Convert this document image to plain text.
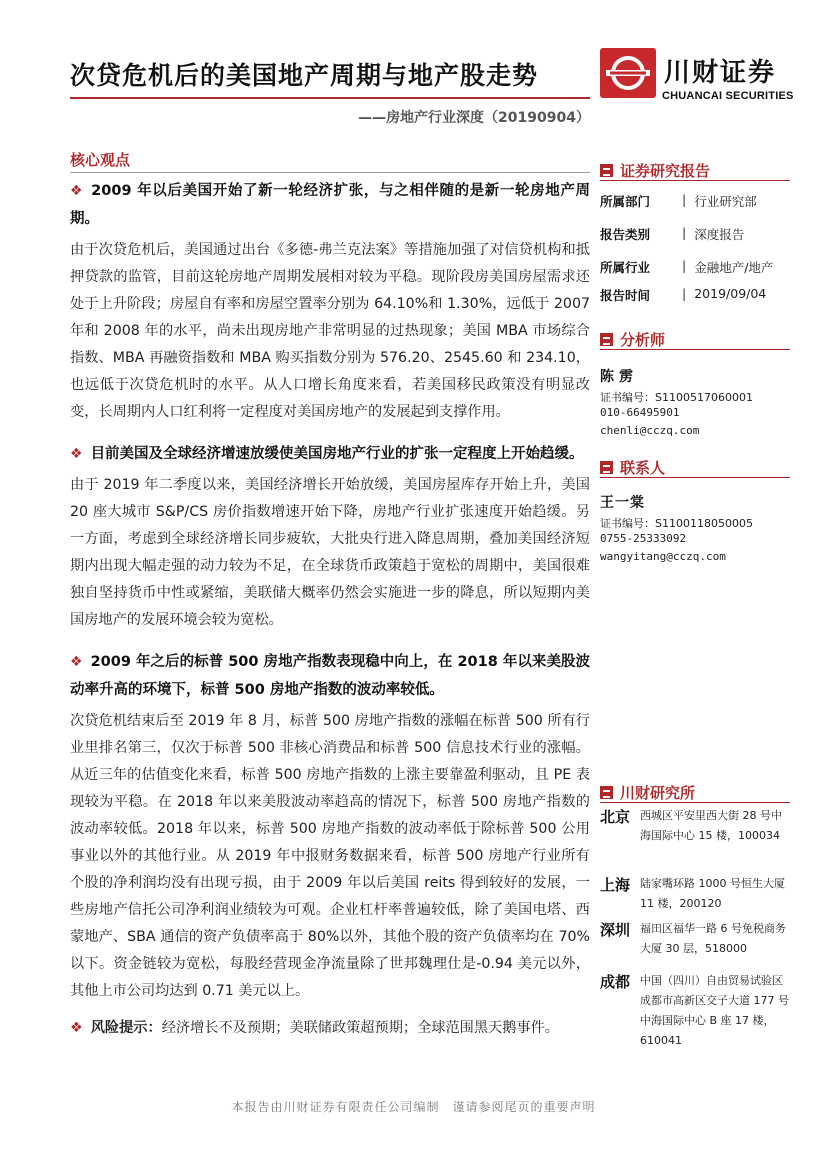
次贷危机后的美国地产周期与地产股走势
——房地产行业深度（20190904）
川财证券
CHUANCAI SECURITIES
核心观点
❖ 2009 年以后美国开始了新一轮经济扩张，与之相伴随的是新一轮房地产周期。
由于次贷危机后，美国通过出台《多德-弗兰克法案》等措施加强了对信贷机构和抵押贷款的监管，目前这轮房地产周期发展相对较为平稳。现阶段房美国房屋需求还处于上升阶段；房屋自有率和房屋空置率分别为 64.10%和 1.30%，远低于 2007 年和 2008 年的水平，尚未出现房地产非常明显的过热现象；美国 MBA 市场综合指数、MBA 再融资指数和 MBA 购买指数分别为 576.20、2545.60 和 234.10，也远低于次贷危机时的水平。从人口增长角度来看，若美国移民政策没有明显改变，长周期内人口红利将一定程度对美国房地产的发展起到支撑作用。
❖ 目前美国及全球经济增速放缓使美国房地产行业的扩张一定程度上开始趋缓。
由于 2019 年二季度以来，美国经济增长开始放缓，美国房屋库存开始上升，美国 20 座大城市 S&P/CS 房价指数增速开始下降，房地产行业扩张速度开始趋缓。另一方面，考虑到全球经济增长同步疲软，大批央行进入降息周期，叠加美国经济短期内出现大幅走强的动力较为不足，在全球货币政策趋于宽松的周期中，美国很难独自坚持货币中性或紧缩，美联储大概率仍然会实施进一步的降息，所以短期内美国房地产的发展环境会较为宽松。
❖ 2009 年之后的标普 500 房地产指数表现稳中向上，在 2018 年以来美股波动率升高的环境下，标普 500 房地产指数的波动率较低。
次贷危机结束后至 2019 年 8 月，标普 500 房地产指数的涨幅在标普 500 所有行业里排名第三，仅次于标普 500 非核心消费品和标普 500 信息技术行业的涨幅。从近三年的估值变化来看，标普 500 房地产指数的上涨主要靠盈利驱动，且 PE 表现较为平稳。在 2018 年以来美股波动率趋高的情况下，标普 500 房地产指数的波动率较低。2018 年以来，标普 500 房地产指数的波动率低于除标普 500 公用事业以外的其他行业。从 2019 年中报财务数据来看，标普 500 房地产行业所有个股的净利润均没有出现亏损，由于 2009 年以后美国 reits 得到较好的发展，一些房地产信托公司净利润业绩较为可观。企业杠杆率普遍较低，除了美国电塔、西蒙地产、SBA 通信的资产负债率高于 80%以外，其他个股的资产负债率均在 70%以下。资金链较为宽松，每股经营现金净流量除了世邦魏理仕是-0.94 美元以外，其他上市公司均达到 0.71 美元以上。
❖ 风险提示：经济增长不及预期；美联储政策超预期；全球范围黑天鹅事件。
证券研究报告
所属部门	| 行业研究部
报告类别	| 深度报告
所属行业	| 金融地产/地产
报告时间	| 2019/09/04
分析师
陈雳
证书编号：S1100517060001
010-66495901
chenli@cczq.com
联系人
王一棠
证书编号：S1100118050005
0755-25333092
wangyitang@cczq.com
川财研究所
北京 西城区平安里西大街 28 号中海国际中心 15 楼，100034
上海 陆家嘴环路 1000 号恒生大厦 11 楼，200120
深圳 福田区福华一路 6 号免税商务大厦 30 层，518000
成都 中国（四川）自由贸易试验区成都市高新区交子大道 177 号中海国际中心 B 座 17 楼，610041
本报告由川财证券有限责任公司编制　谨请参阅尾页的重要声明
